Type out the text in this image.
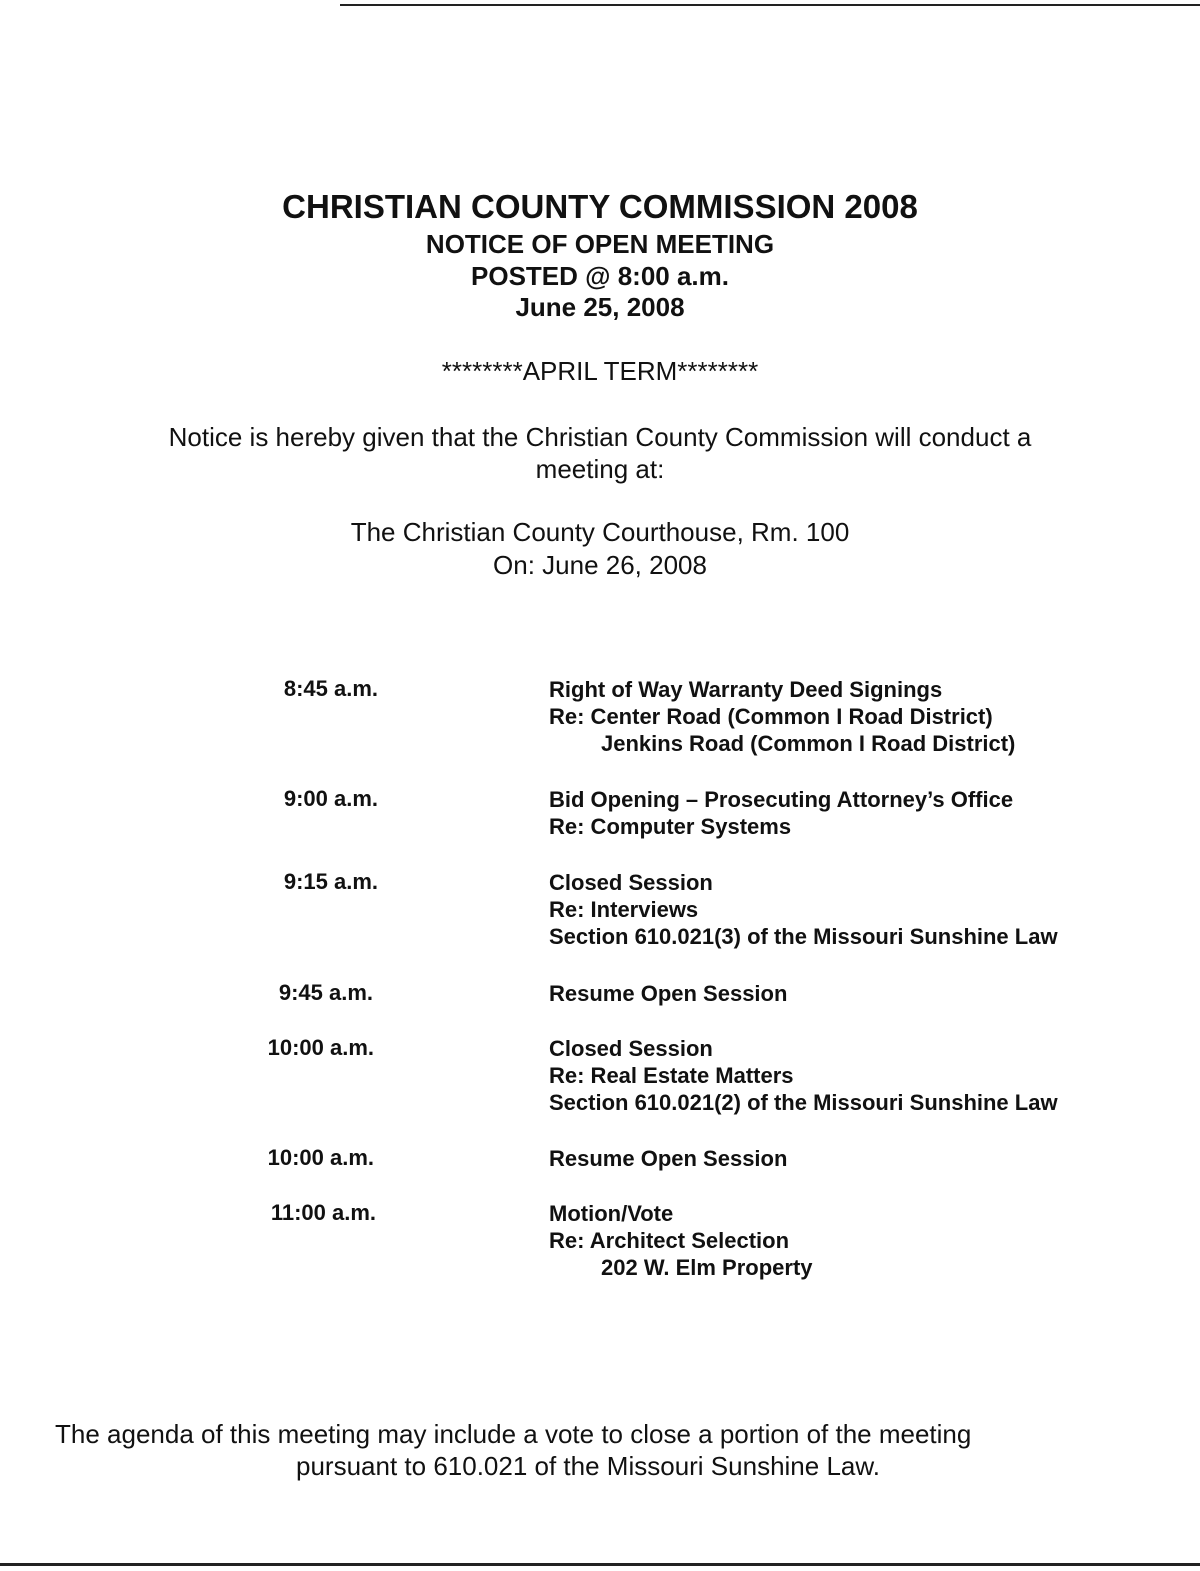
CHRISTIAN COUNTY COMMISSION 2008
NOTICE OF OPEN MEETING
POSTED @ 8:00 a.m.
June 25, 2008
********APRIL TERM********
Notice is hereby given that the Christian County Commission will conduct a
meeting at:
The Christian County Courthouse, Rm. 100
On: June 26, 2008
8:45 a.m.	Right of Way Warranty Deed Signings
Re: Center Road (Common I Road District)
Jenkins Road (Common I Road District)
9:00 a.m.	Bid Opening – Prosecuting Attorney’s Office
Re: Computer Systems
9:15 a.m.	Closed Session
Re: Interviews
Section 610.021(3) of the Missouri Sunshine Law
9:45 a.m.	Resume Open Session
10:00 a.m.	Closed Session
Re: Real Estate Matters
Section 610.021(2) of the Missouri Sunshine Law
10:00 a.m.	Resume Open Session
11:00 a.m.	Motion/Vote
Re: Architect Selection
202 W. Elm Property
The agenda of this meeting may include a vote to close a portion of the meeting
pursuant to 610.021 of the Missouri Sunshine Law.
